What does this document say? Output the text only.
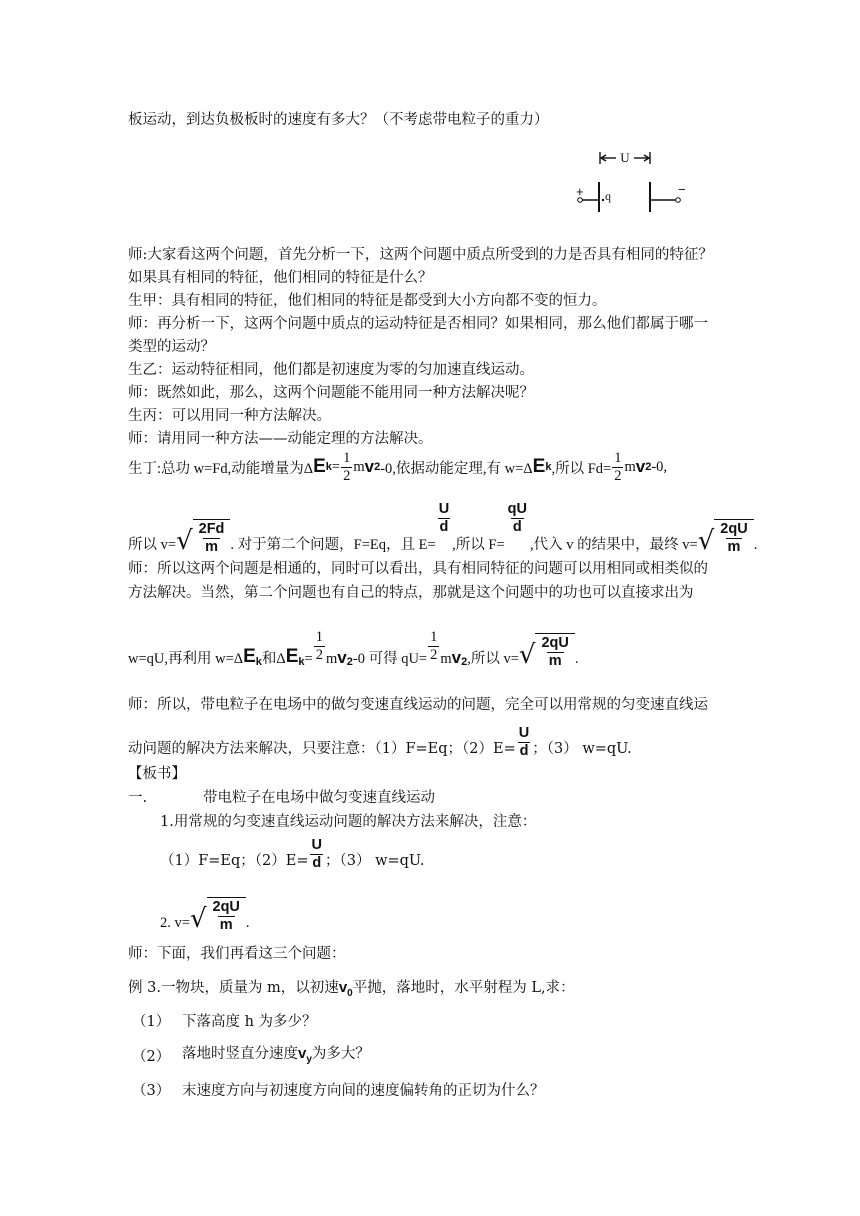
板运动，到达负极板时的速度有多大？（不考虑带电粒子的重力）
U
+ q	−
师:大家看这两个问题，首先分析一下，这两个问题中质点所受到的力是否具有相同的特征？
如果具有相同的特征，他们相同的特征是什么？
生甲：具有相同的特征，他们相同的特征是都受到大小方向都不变的恒力。
师：再分析一下，这两个问题中质点的运动特征是否相同？如果相同，那么他们都属于哪一
类型的运动？
生乙：运动特征相同，他们都是初速度为零的匀加速直线运动。
师：既然如此，那么，这两个问题能不能用同一种方法解决呢？
生丙：可以用同一种方法解决。
师：请用同一种方法——动能定理的方法解决。
生丁:总功 w=Fd,动能增量为Δ E $k = \frac{1}{2}$ m v 2 -0,依据动能定理,有 w=Δ E k ,所以 $Fd= \frac{1}{2}$ m v 2 -0,
所以 v= √ $\frac{2Fd}{m}$ . 对于第二个问题，F=Eq，且 E=
$\frac{U}{d}$
,所以 F=
$\frac{qU}{d}$
,代入 v 的结果中，最终 v= √ $\frac{2qU}{m}$ .
师：所以这两个问题是相通的，同时可以看出，具有相同特征的问题可以用相同或相类似的
方法解决。当然，第二个问题也有自己的特点，那就是这个问题中的功也可以直接求出为
w=qU,再利用 w=Δ $E_k$ 和Δ $E_k = \frac{1}{2}$ m $v_2$ -0 可得 $qU= \frac{1}{2}$ m $v_2$ ,所以 v= √ $\frac{2qU}{m}$ .
师：所以，带电粒子在电场中的做匀变速直线运动的问题，完全可以用常规的匀变速直线运
动问题的解决方法来解决，只要注意：（1）F=Eq；$(2)E= \frac{U}{d}$ ；（3） w=qU.
【板书】
一.	带电粒子在电场中做匀变速直线运动
1.用常规的匀变速直线运动问题的解决方法来解决，注意：
（1）F=Eq；$(2)E= \frac{U}{d}$ ；（3） w=qU.
2. v= √ $\frac{2qU}{m}$ .
师：下面，我们再看这三个问题：
例 3.一物块，质量为 m，以初速$v_0$平抛，落地时，水平射程为 L,求：
（1） 下落高度 h 为多少？
（2） 落地时竖直分速度$v_y$为多大？
（3） 末速度方向与初速度方向间的速度偏转角的正切为什么？
